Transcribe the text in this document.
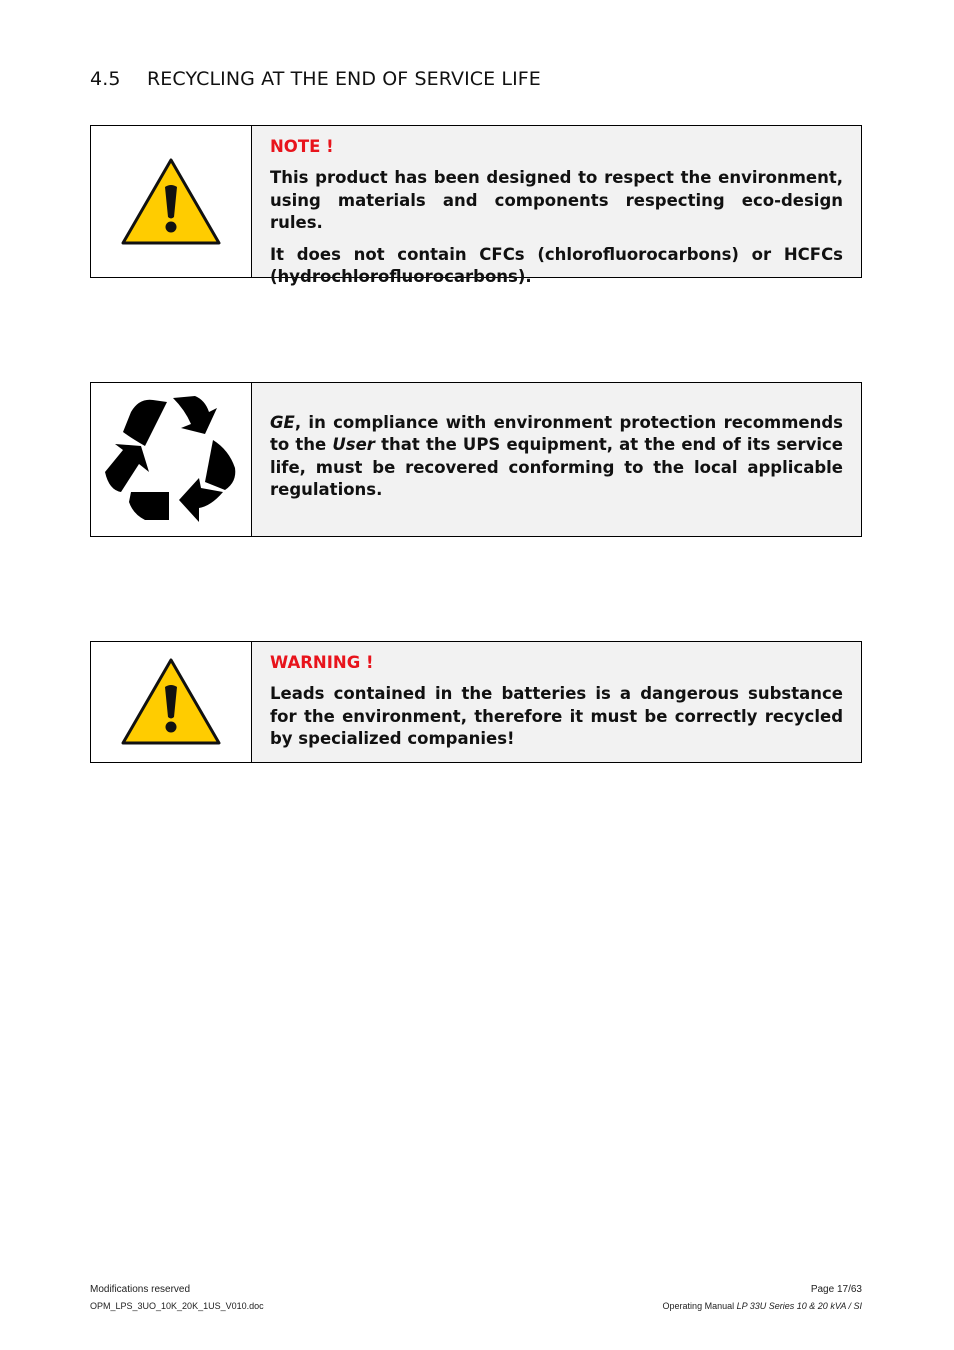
4.5 RECYCLING AT THE END OF SERVICE LIFE
NOTE !

This product has been designed to respect the environment, using materials and components respecting eco-design rules.

It does not contain CFCs (chlorofluorocarbons) or HCFCs (hydrochlorofluorocarbons).

GE, in compliance with environment protection recommends to the User that the UPS equipment, at the end of its service life, must be recovered conforming to the local applicable regulations.

WARNING !

Leads contained in the batteries is a dangerous substance for the environment, therefore it must be correctly recycled by specialized companies!

Modifications reserved
OPM_LPS_3UO_10K_20K_1US_V010.doc
Page 17/63
Operating Manual LP 33U Series 10 & 20 kVA / SI
